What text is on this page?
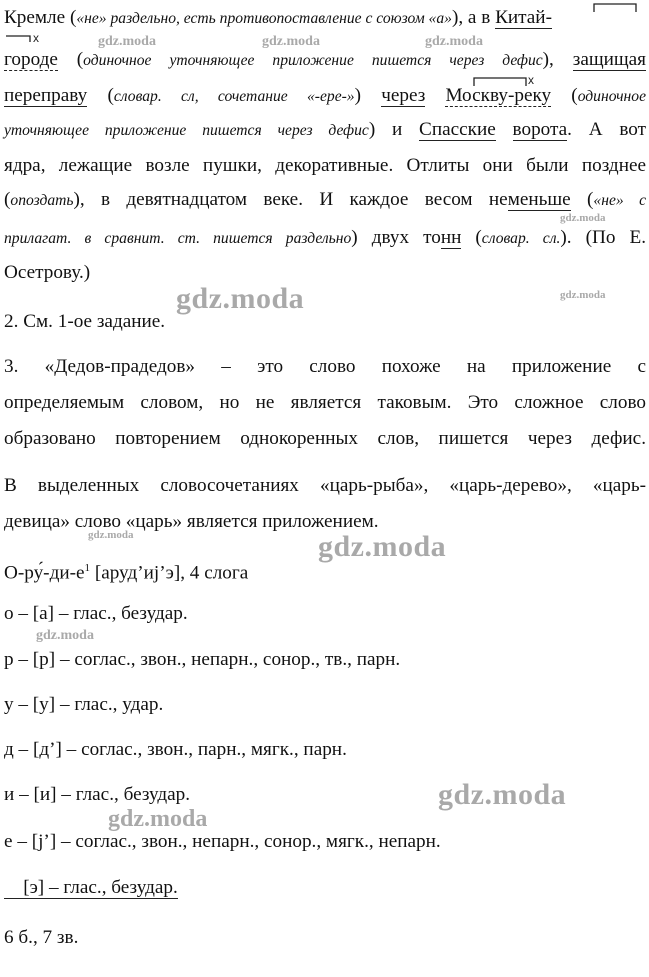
Кремле («не» раздельно, есть противопоставление с союзом «а»), а в Китай-
х
городе (одиночное уточняющее приложение пишется через дефис), защищая
переправу (словар. сл, сочетание «-ере-») через Москву-реку (одиночное
х
уточняющее приложение пишется через дефис) и Спасские ворота. А вот
ядра, лежащие возле пушки, декоративные. Отлиты они были позднее
(опоздать), в девятнадцатом веке. И каждое весом неменьше («не» с
прилагат. в сравнит. ст. пишется раздельно) двух тонн (словар. сл.). (По Е.
Осетрову.)
2. См. 1-ое задание.
3.  «Дедов-прадедов»  –  это  слово  похоже  на  приложение  с
определяемым словом, но не является таковым. Это сложное слово
образовано повторением однокоренных слов, пишется через дефис.
В выделенных словосочетаниях «царь-рыба», «царь-дерево», «царь-
девица» слово «царь» является приложением.
$О-ру́-ди-е^1$ [аруд’иj’э], 4 слога
о – [а] – глас., безудар.
р – [р] – соглас., звон., непарн., сонор., тв., парн.
у – [у] – глас., удар.
д – [д’] – соглас., звон., парн., мягк., парн.
и – [и] – глас., безудар.
е – [j’] – соглас., звон., непарн., сонор., мягк., непарн.
[э] – глас., безудар.
6 б., 7 зв.
gdz.moda	gdz.moda	gdz.moda
gdz.moda
gdz.moda
gdz.moda
gdz.moda	gdz.moda
gdz.moda
gdz.moda
gdz.moda
